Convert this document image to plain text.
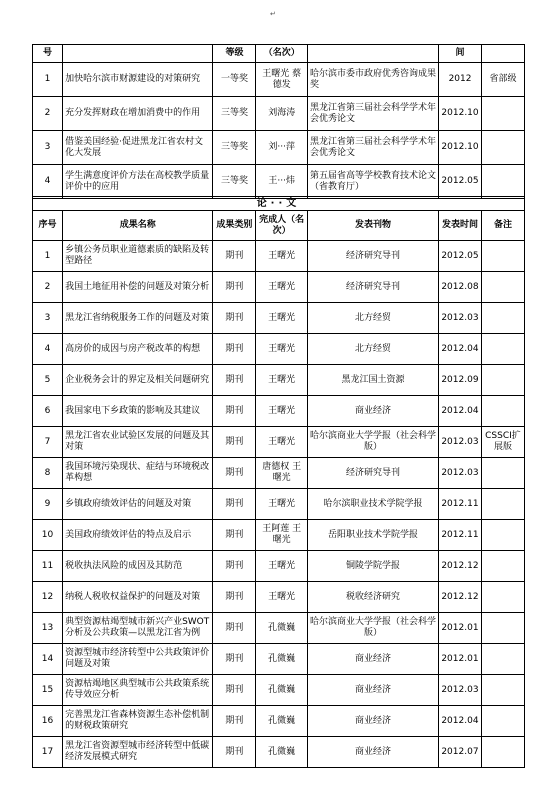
↵
号		等级	（名次）		间	
1	加快哈尔滨市财源建设的对策研究	一等奖	王曙光 蔡德发	哈尔滨市委市政府优秀咨询成果奖	2012	省部级
2	充分发挥财政在增加消费中的作用	三等奖	刘海涛	黑龙江省第三届社会科学学术年会优秀论文	2012.10	
3	借鉴美国经验·促进黑龙江省农村文化大发展	三等奖	刘···萍	黑龙江省第三届社会科学学术年会优秀论文	2012.10	
4	学生满意度评价方法在高校教学质量评价中的应用	三等奖	王···炜	第五届省高等学校教育技术论文（省教育厅）	2012.05	
论··文						
序号	成果名称	成果类别	完成人（名次）	发表刊物	发表时间	备注
1	乡镇公务员职业道德素质的缺陷及转型路径	期刊	王曙光	经济研究导刊	2012.05	
2	我国土地征用补偿的问题及对策分析	期刊	王曙光	经济研究导刊	2012.08	
3	黑龙江省纳税服务工作的问题及对策	期刊	王曙光	北方经贸	2012.03	
4	高房价的成因与房产税改革的构想	期刊	王曙光	北方经贸	2012.04	
5	企业税务会计的界定及相关问题研究	期刊	王曙光	黑龙江国土资源	2012.09	
6	我国家电下乡政策的影响及其建议	期刊	王曙光	商业经济	2012.04	
7	黑龙江省农业试验区发展的问题及其对策	期刊	王曙光	哈尔滨商业大学学报（社会科学版）	2012.03	CSSCI扩展版
8	我国环境污染现状、症结与环境税改革构想	期刊	唐德权 王曙光	经济研究导刊	2012.03	
9	乡镇政府绩效评估的问题及对策	期刊	王曙光	哈尔滨职业技术学院学报	2012.11	
10	美国政府绩效评估的特点及启示	期刊	王阿莲 王曙光	岳阳职业技术学院学报	2012.11	
11	税收执法风险的成因及其防范	期刊	王曙光	铜陵学院学报	2012.12	
12	纳税人税收权益保护的问题及对策	期刊	王曙光	税收经济研究	2012.12	
13	典型资源枯竭型城市新兴产业SWOT分析及公共政策—以黑龙江省为例	期刊	孔微巍	哈尔滨商业大学学报（社会科学版）	2012.01	
14	资源型城市经济转型中公共政策评价问题及对策	期刊	孔微巍	商业经济	2012.01	
15	资源枯竭地区典型城市公共政策系统传导效应分析	期刊	孔微巍	商业经济	2012.03	
16	完善黑龙江省森林资源生态补偿机制的财税政策研究	期刊	孔微巍	商业经济	2012.04	
17	黑龙江省资源型城市经济转型中低碳经济发展模式研究	期刊	孔微巍	商业经济	2012.07	
